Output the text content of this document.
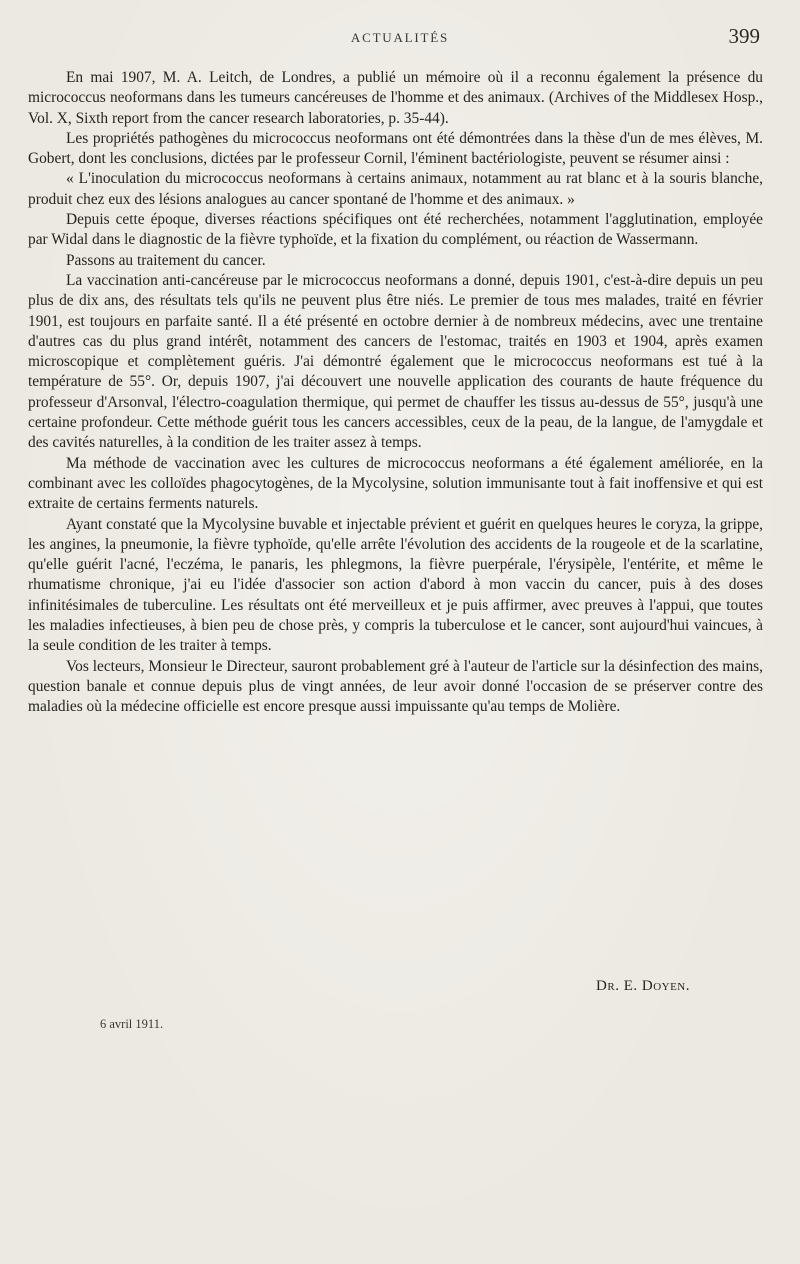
ACTUALITÉS	399

En mai 1907, M. A. Leitch, de Londres, a publié un mémoire où il a reconnu également la présence du micrococcus neoformans dans les tumeurs cancéreuses de l'homme et des animaux. (Archives of the Middlesex Hosp., Vol. X, Sixth report from the cancer research laboratories, p. 35-44).

Les propriétés pathogènes du micrococcus neoformans ont été démontrées dans la thèse d'un de mes élèves, M. Gobert, dont les conclusions, dictées par le professeur Cornil, l'éminent bactériologiste, peuvent se résumer ainsi :

« L'inoculation du micrococcus neoformans à certains animaux, notamment au rat blanc et à la souris blanche, produit chez eux des lésions analogues au cancer spontané de l'homme et des animaux. »

Depuis cette époque, diverses réactions spécifiques ont été recherchées, notamment l'agglutination, employée par Widal dans le diagnostic de la fièvre typhoïde, et la fixation du complément, ou réaction de Wassermann.

Passons au traitement du cancer.

La vaccination anti-cancéreuse par le micrococcus neoformans a donné, depuis 1901, c'est-à-dire depuis un peu plus de dix ans, des résultats tels qu'ils ne peuvent plus être niés. Le premier de tous mes malades, traité en février 1901, est toujours en parfaite santé. Il a été présenté en octobre dernier à de nombreux médecins, avec une trentaine d'autres cas du plus grand intérêt, notamment des cancers de l'estomac, traités en 1903 et 1904, après examen microscopique et complètement guéris. J'ai démontré également que le micrococcus neoformans est tué à la température de 55°. Or, depuis 1907, j'ai découvert une nouvelle application des courants de haute fréquence du professeur d'Arsonval, l'électro-coagulation thermique, qui permet de chauffer les tissus au-dessus de 55°, jusqu'à une certaine profondeur. Cette méthode guérit tous les cancers accessibles, ceux de la peau, de la langue, de l'amygdale et des cavités naturelles, à la condition de les traiter assez à temps.

Ma méthode de vaccination avec les cultures de micrococcus neoformans a été également améliorée, en la combinant avec les colloïdes phagocytogènes, de la Mycolysine, solution immunisante tout à fait inoffensive et qui est extraite de certains ferments naturels.

Ayant constaté que la Mycolysine buvable et injectable prévient et guérit en quelques heures le coryza, la grippe, les angines, la pneumonie, la fièvre typhoïde, qu'elle arrête l'évolution des accidents de la rougeole et de la scarlatine, qu'elle guérit l'acné, l'eczéma, le panaris, les phlegmons, la fièvre puerpérale, l'érysipèle, l'entérite, et même le rhumatisme chronique, j'ai eu l'idée d'associer son action d'abord à mon vaccin du cancer, puis à des doses infinitésimales de tuberculine. Les résultats ont été merveilleux et je puis affirmer, avec preuves à l'appui, que toutes les maladies infectieuses, à bien peu de chose près, y compris la tuberculose et le cancer, sont aujourd'hui vaincues, à la seule condition de les traiter à temps.

Vos lecteurs, Monsieur le Directeur, sauront probablement gré à l'auteur de l'article sur la désinfection des mains, question banale et connue depuis plus de vingt années, de leur avoir donné l'occasion de se préserver contre des maladies où la médecine officielle est encore presque aussi impuissante qu'au temps de Molière.

Dr. E. Doyen.
6 avril 1911.
